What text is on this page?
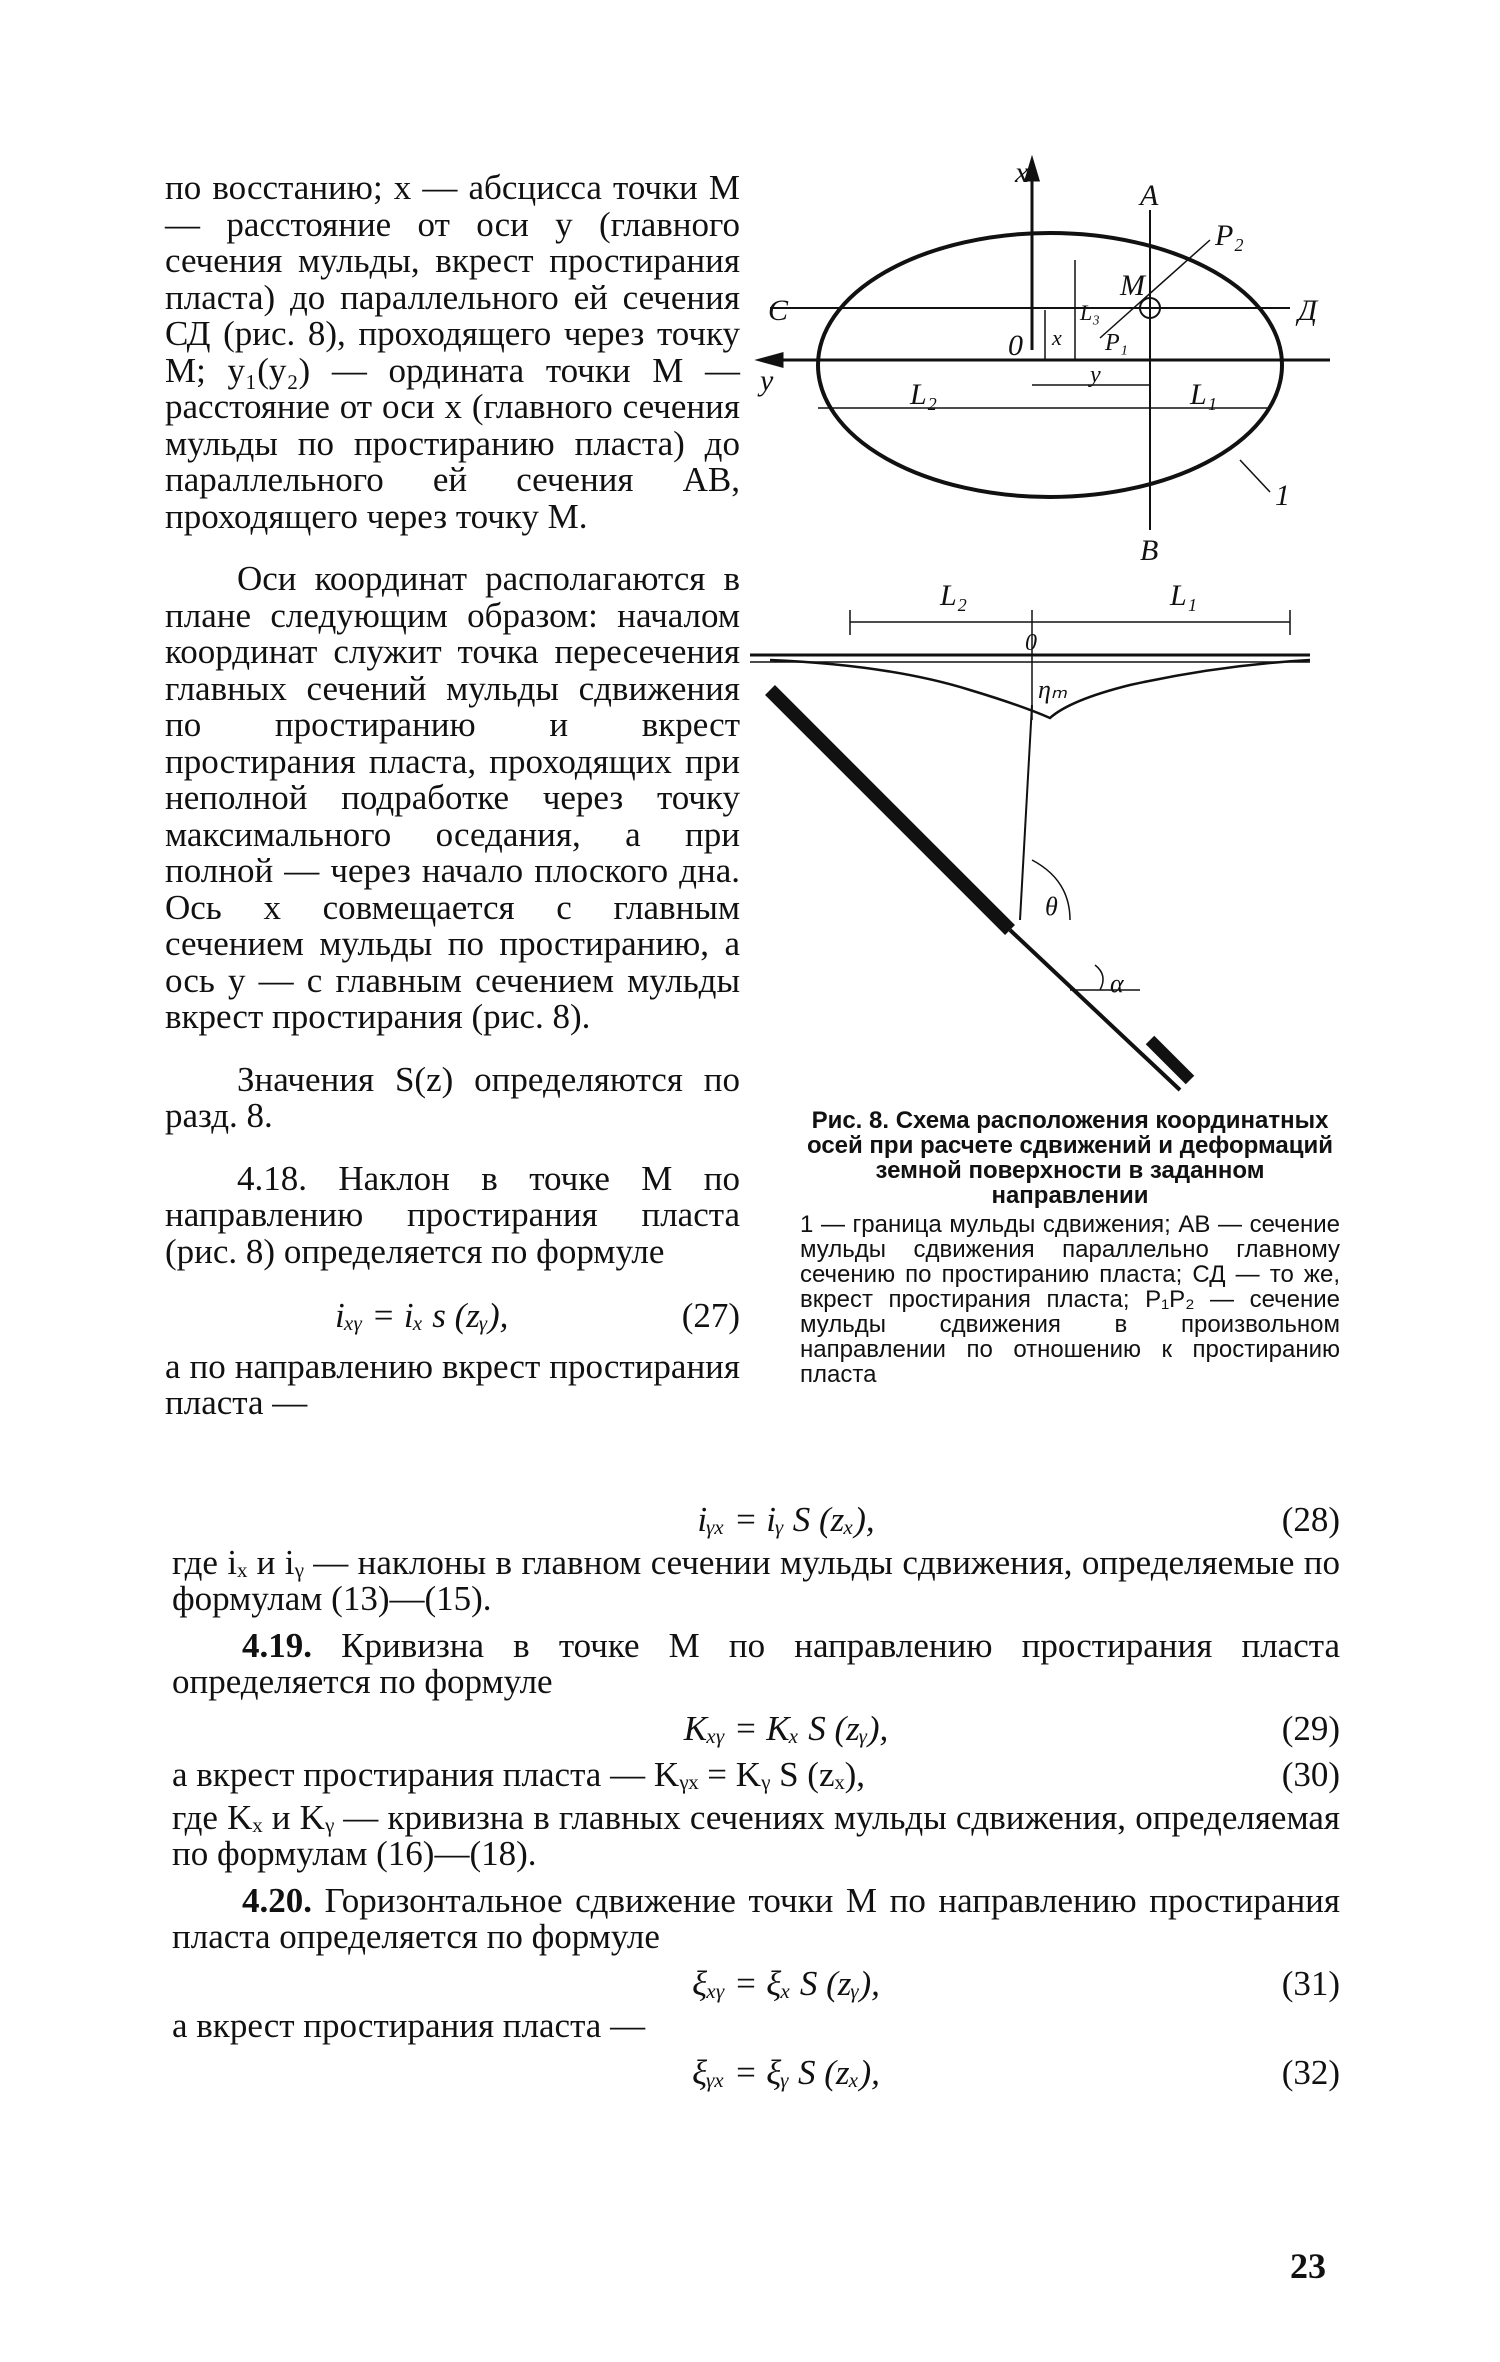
по восстанию; x — абсцисса точки M — расстояние от оси y (главного сечения мульды, вкрест простирания пласта) до параллельного ей сечения СД (рис. 8), проходящего через точку M; y₁(y₂) — ордината точки M — расстояние от оси x (главного сечения мульды по простиранию пласта) до параллельного ей сечения AB, проходящего через точку M.

Оси координат располагаются в плане следующим образом: началом координат служит точка пересечения главных сечений мульды сдвижения по простиранию и вкрест простирания пласта, проходящих при неполной подработке через точку максимального оседания, а при полной — через начало плоского дна. Ось x совмещается с главным сечением мульды по простиранию, а ось y — с главным сечением мульды вкрест простирания (рис. 8).

Значения S(z) определяются по разд. 8.

4.18. Наклон в точке M по направлению простирания пласта (рис. 8) определяется по формуле

iₓᵧ = iₓ s (zᵧ),	(27)

а по направлению вкрест простирания пласта —

x
A
P₂
M
C	Д
0 x
L₃
P₁
y	y
L₂	L₁
1
B
L₂	L₁
0
ηₘ
θ
α
Рис. 8. Схема расположения координатных осей при расчете сдвижений и деформаций земной поверхности в заданном направлении
1 — граница мульды сдвижения; AB — сечение мульды сдвижения параллельно главному сечению по простиранию пласта; СД — то же, вкрест простирания пласта; P₁P₂ — сечение мульды сдвижения в произвольном направлении по отношению к простиранию пласта
iᵧₓ = iᵧ S (zₓ),	(28)

где iₓ и iᵧ — наклоны в главном сечении мульды сдвижения, определяемые по формулам (13)—(15).

4.19. Кривизна в точке M по направлению простирания пласта определяется по формуле

Kₓᵧ = Kₓ S (zᵧ),	(29)
а вкрест простирания пласта — Kᵧₓ = Kᵧ S (zₓ),	(30)

где Kₓ и Kᵧ — кривизна в главных сечениях мульды сдвижения, определяемая по формулам (16)—(18).

4.20. Горизонтальное сдвижение точки M по направлению простирания пласта определяется по формуле

ξₓᵧ = ξₓ S (zᵧ),	(31)

а вкрест простирания пласта —

ξᵧₓ = ξᵧ S (zₓ),	(32)
23
